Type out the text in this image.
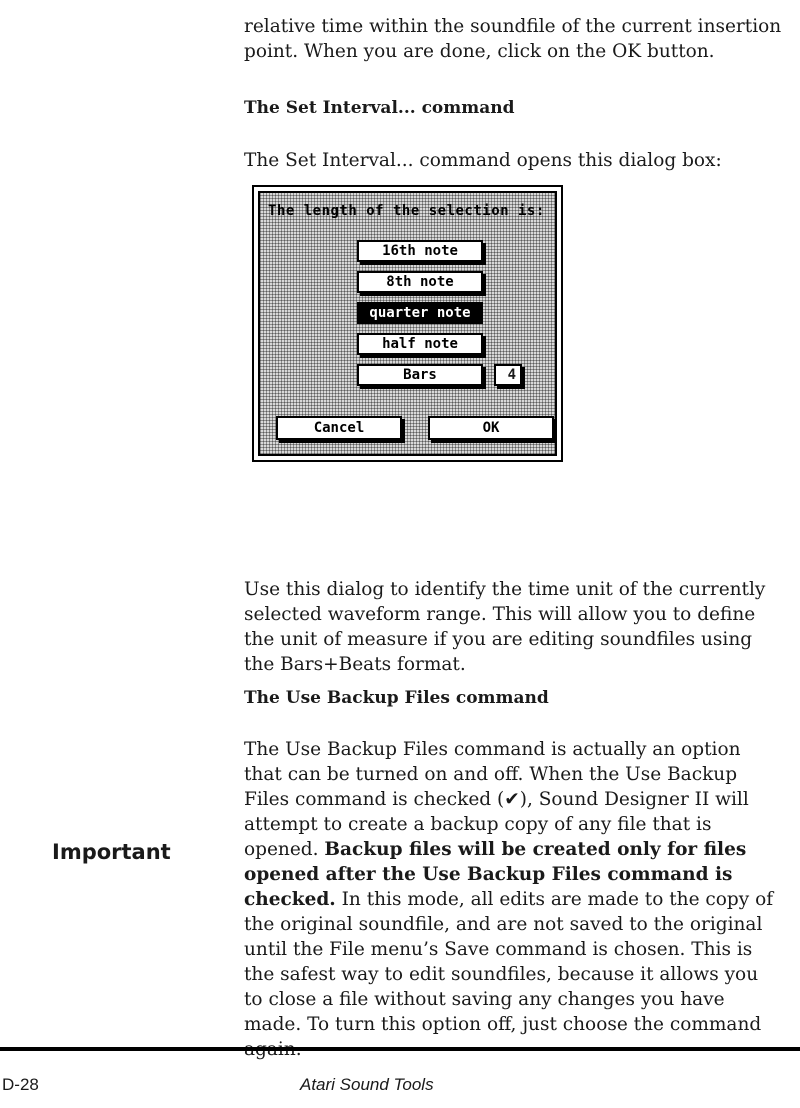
relative time within the soundfile of the current insertion

point. When you are done, click on the OK button.

The Set Interval... command

The Set Interval... command opens this dialog box:

The length of the selection is:
16th note
8th note
quarter note
half note
Bars	4
Cancel	OK

Use this dialog to identify the time unit of the currently

selected waveform range. This will allow you to define

the unit of measure if you are editing soundfiles using

the Bars+Beats format.

The Use Backup Files command

The Use Backup Files command is actually an option

that can be turned on and off. When the Use Backup

Files command is checked (✔), Sound Designer II will

attempt to create a backup copy of any file that is

opened. Backup files will be created only for files

opened after the Use Backup Files command is

checked. In this mode, all edits are made to the copy of

the original soundfile, and are not saved to the original

until the File menu’s Save command is chosen. This is

the safest way to edit soundfiles, because it allows you

to close a file without saving any changes you have

made. To turn this option off, just choose the command

Important
D-28	Atari Sound Tools
